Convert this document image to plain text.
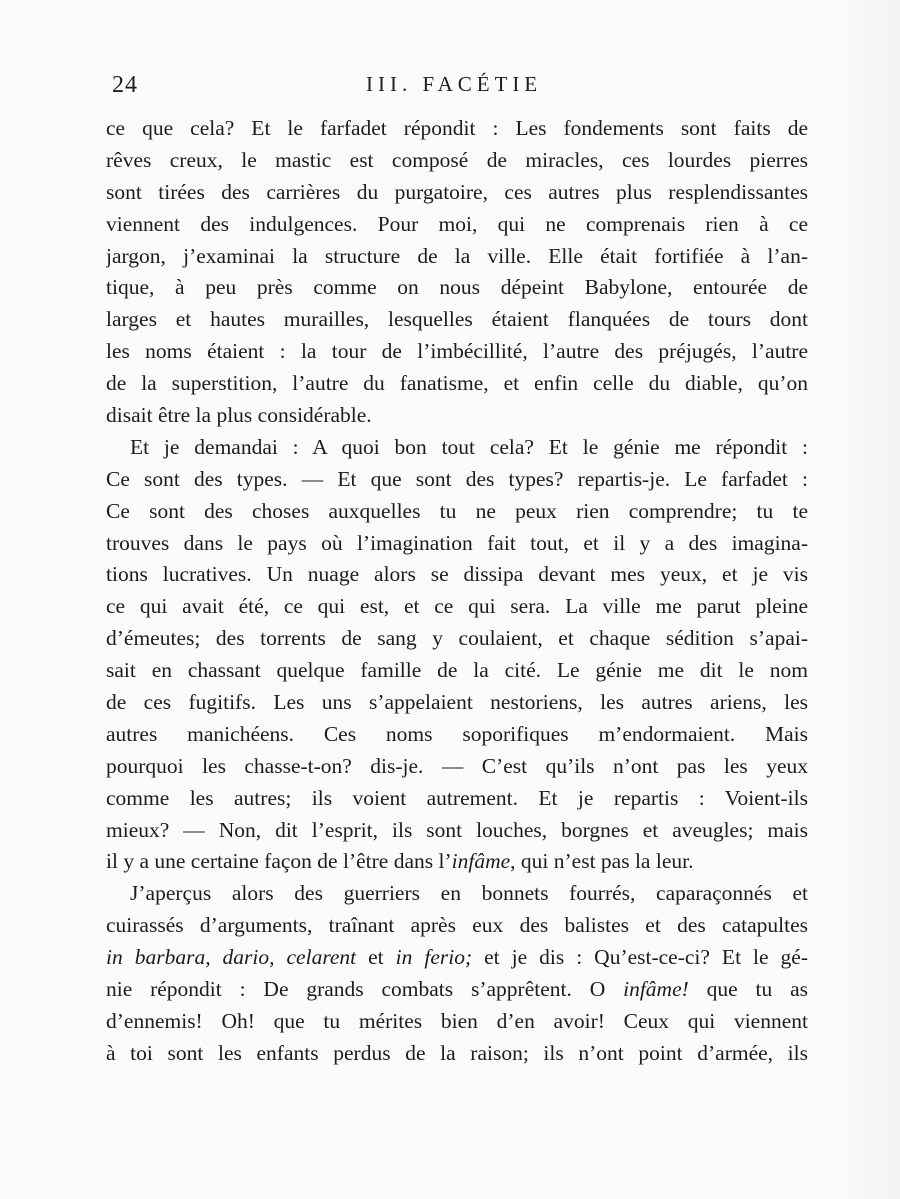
24	III. FACÉTIE
ce que cela? Et le farfadet répondit : Les fondements sont faits de
rêves creux, le mastic est composé de miracles, ces lourdes pierres
sont tirées des carrières du purgatoire, ces autres plus resplendissantes
viennent des indulgences. Pour moi, qui ne comprenais rien à ce
jargon, j’examinai la structure de la ville. Elle était fortifiée à l’an-
tique, à peu près comme on nous dépeint Babylone, entourée de
larges et hautes murailles, lesquelles étaient flanquées de tours dont
les noms étaient : la tour de l’imbécillité, l’autre des préjugés, l’autre
de la superstition, l’autre du fanatisme, et enfin celle du diable, qu’on
disait être la plus considérable.
Et je demandai : A quoi bon tout cela? Et le génie me répondit :
Ce sont des types. — Et que sont des types? repartis-je. Le farfadet :
Ce sont des choses auxquelles tu ne peux rien comprendre; tu te
trouves dans le pays où l’imagination fait tout, et il y a des imagina-
tions lucratives. Un nuage alors se dissipa devant mes yeux, et je vis
ce qui avait été, ce qui est, et ce qui sera. La ville me parut pleine
d’émeutes; des torrents de sang y coulaient, et chaque sédition s’apai-
sait en chassant quelque famille de la cité. Le génie me dit le nom
de ces fugitifs. Les uns s’appelaient nestoriens, les autres ariens, les
autres manichéens. Ces noms soporifiques m’endormaient. Mais
pourquoi les chasse-t-on? dis-je. — C’est qu’ils n’ont pas les yeux
comme les autres; ils voient autrement. Et je repartis : Voient-ils
mieux? — Non, dit l’esprit, ils sont louches, borgnes et aveugles; mais
il y a une certaine façon de l’être dans l’infâme, qui n’est pas la leur.
J’aperçus alors des guerriers en bonnets fourrés, caparaçonnés et
cuirassés d’arguments, traînant après eux des balistes et des catapultes
in barbara, dario, celarent et in ferio; et je dis : Qu’est-ce-ci? Et le gé-
nie répondit : De grands combats s’apprêtent. O infâme! que tu as
d’ennemis! Oh! que tu mérites bien d’en avoir! Ceux qui viennent
à toi sont les enfants perdus de la raison; ils n’ont point d’armée, ils
